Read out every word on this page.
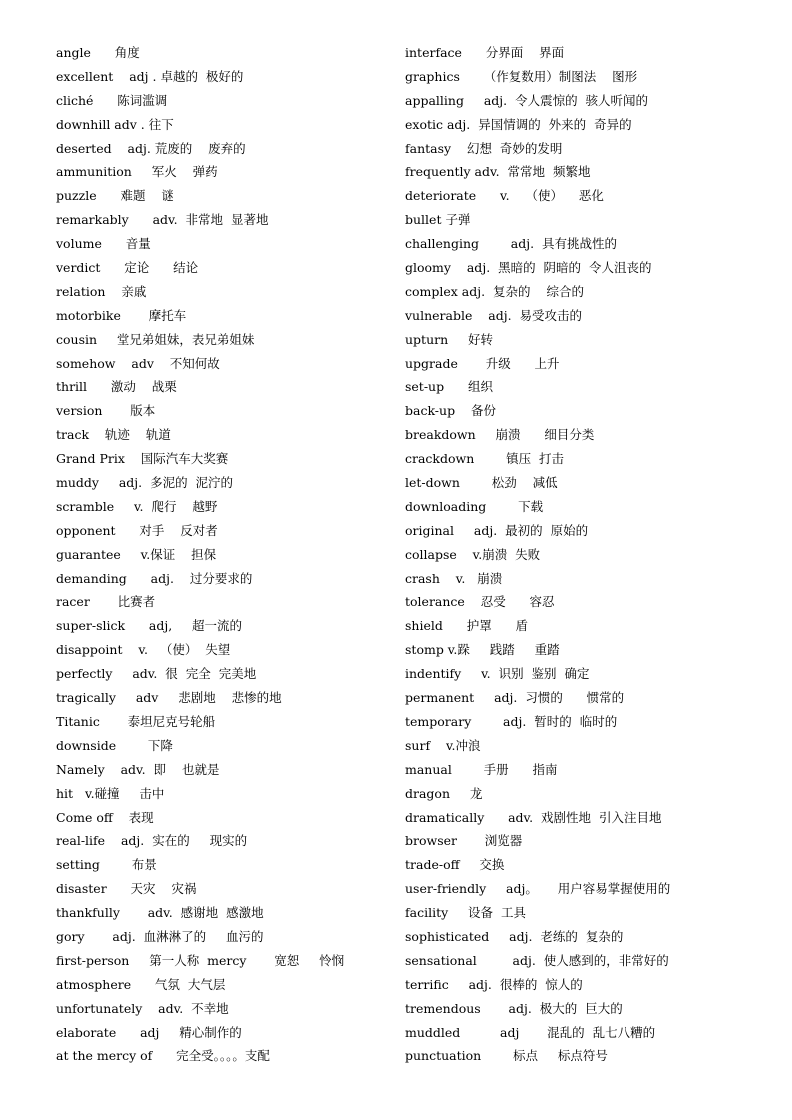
angle      角度
excellent    adj . 卓越的  极好的
cliché      陈词滥调
downhill adv . 往下
deserted    adj. 荒废的    废弃的
ammunition     军火    弹药
puzzle      难题    谜
remarkably      adv.  非常地  显著地
volume      音量
verdict      定论      结论
relation    亲戚
motorbike       摩托车
cousin     堂兄弟姐妹，表兄弟姐妹
somehow    adv    不知何故
thrill      激动    战栗
version       版本
track    轨迹    轨道
Grand Prix    国际汽车大奖赛
muddy     adj.  多泥的  泥泞的
scramble     v.  爬行    越野
opponent      对手    反对者
guarantee     v.保证    担保
demanding      adj.    过分要求的
racer       比赛者
super-slick      adj,     超一流的
disappoint    v.   （使）  失望
perfectly     adv.  很  完全  完美地
tragically     adv     悲剧地    悲惨的地
Titanic       泰坦尼克号轮船
downside        下降
Namely    adv.  即    也就是
hit   v.碰撞     击中
Come off    表现
real-life    adj.  实在的     现实的
setting        布景
disaster      天灾    灾祸
thankfully       adv.  感谢地  感激地
gory       adj.  血淋淋了的     血污的
first-person     第一人称  mercy       宽恕     怜悯
atmosphere      气氛  大气层
unfortunately    adv.  不幸地
elaborate      adj     精心制作的
at the mercy of      完全受。。。。支配
interface      分界面    界面
graphics      （作复数用）制图法    图形
appalling     adj.  令人震惊的  骇人听闻的
exotic adj.  异国情调的  外来的  奇异的
fantasy    幻想  奇妙的发明
frequently adv.  常常地  频繁地
deteriorate      v.    （使）    恶化
bullet 子弹
challenging        adj.  具有挑战性的
gloomy    adj.  黑暗的  阴暗的  令人沮丧的
complex adj.  复杂的    综合的
vulnerable    adj.  易受攻击的
upturn     好转
upgrade       升级      上升
set-up      组织
back-up    备份
breakdown     崩溃      细目分类
crackdown        镇压  打击
let-down        松劲    减低
downloading        下载
original     adj.  最初的  原始的
collapse    v.崩溃  失败
crash    v.   崩溃
tolerance    忍受      容忍
shield      护罩      盾
stomp v.跺     践踏     重踏
indentify     v.  识别  鉴别  确定
permanent     adj.  习惯的      惯常的
temporary        adj.  暂时的  临时的
surf    v.冲浪
manual        手册      指南
dragon     龙
dramatically      adv.  戏剧性地  引入注目地
browser       浏览器
trade-off     交换
user-friendly     adj。     用户容易掌握使用的
facility     设备  工具
sophisticated     adj.  老练的  复杂的
sensational         adj.  使人感到的，非常好的
terrific     adj.  很棒的  惊人的
tremendous       adj.  极大的  巨大的
muddled          adj       混乱的  乱七八糟的
punctuation        标点     标点符号
